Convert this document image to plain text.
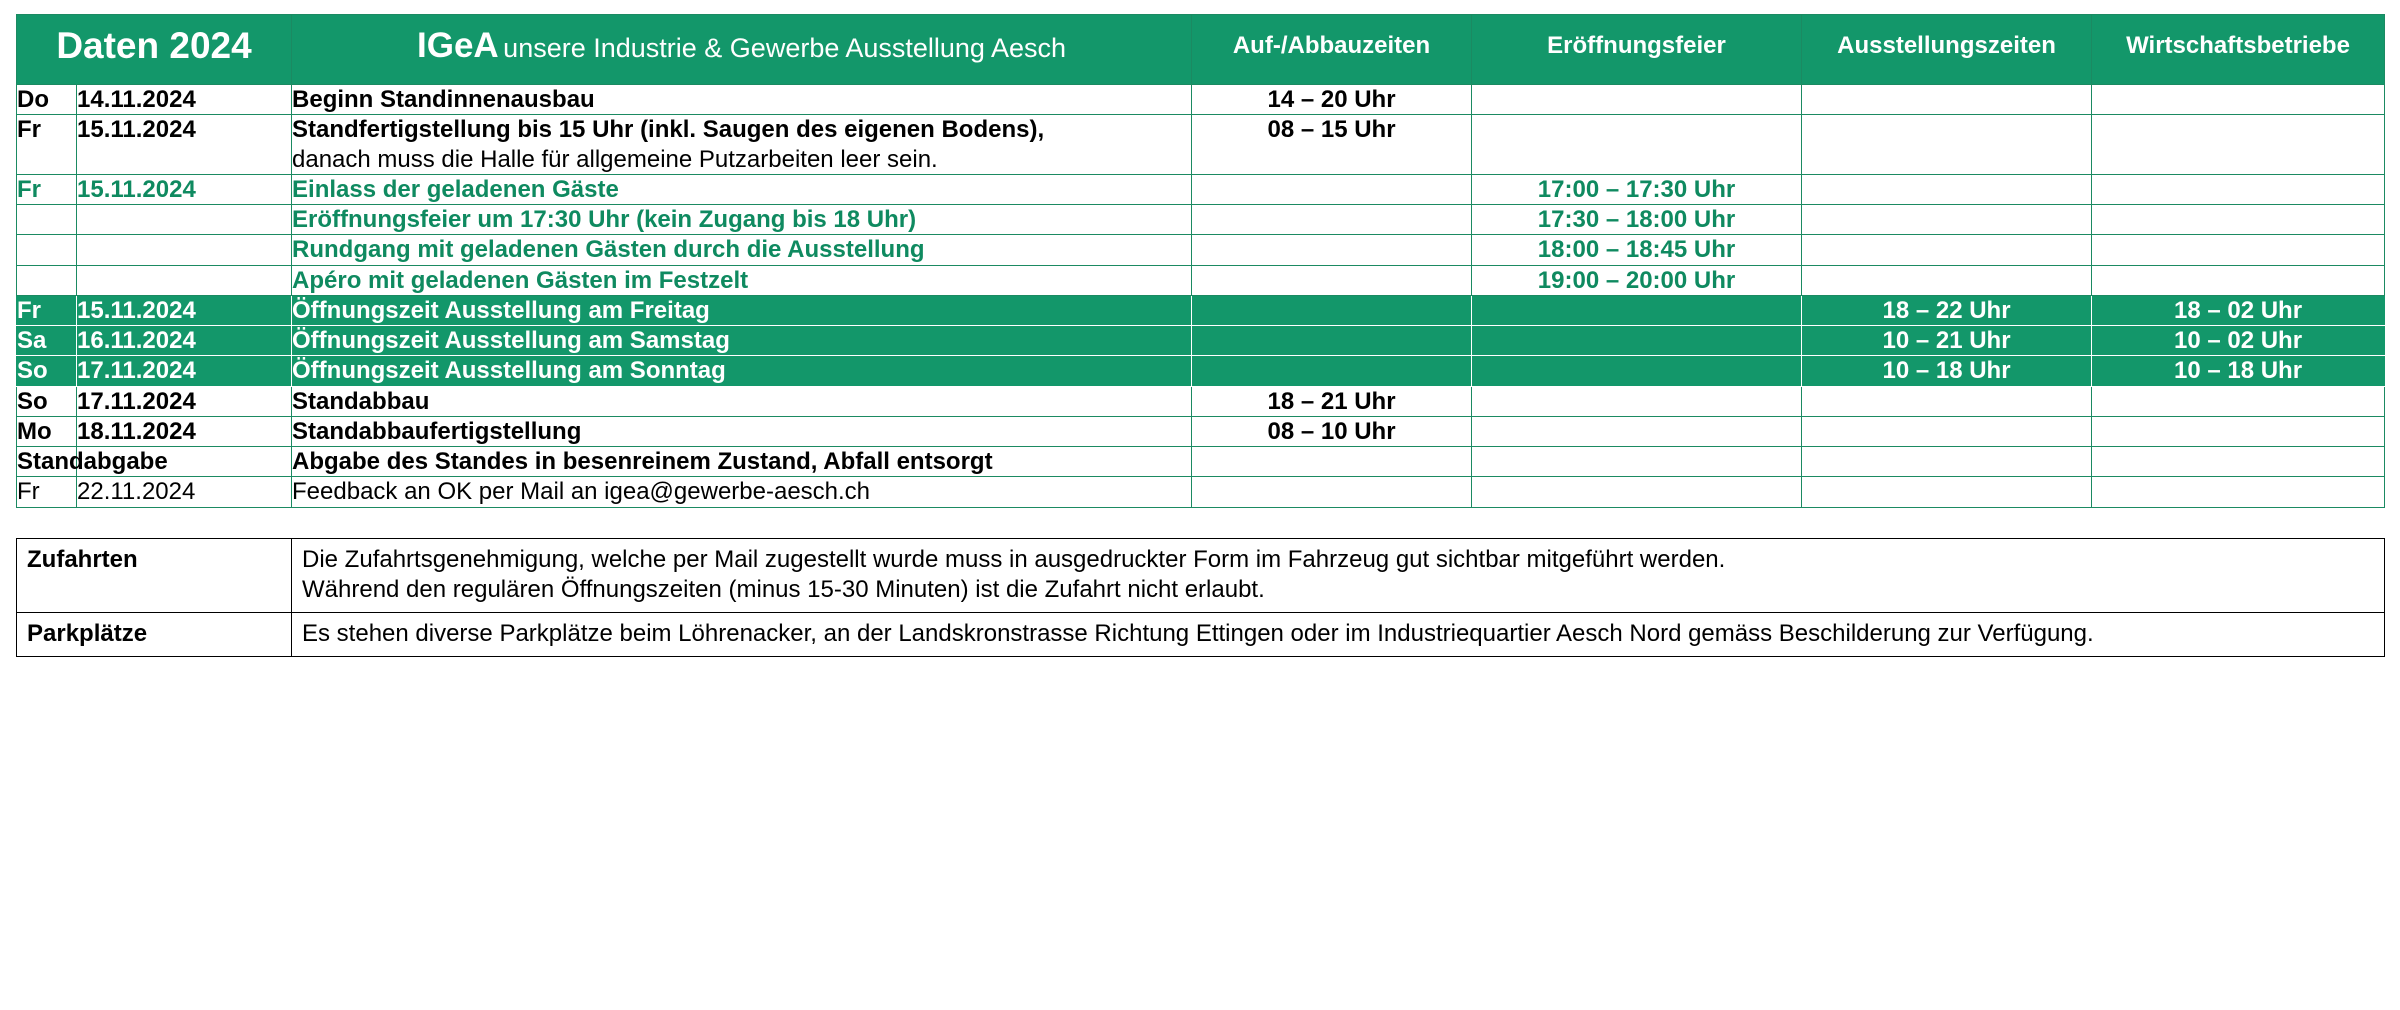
Daten 2024		IGeA unsere Industrie & Gewerbe Ausstellung Aesch	Auf-/Abbauzeiten	Eröffnungsfeier	Ausstellungszeiten	Wirtschaftsbetriebe
Do	14.11.2024	Beginn Standinnenausbau	14 – 20 Uhr			
Fr	15.11.2024	Standfertigstellung bis 15 Uhr (inkl. Saugen des eigenen Bodens),
danach muss die Halle für allgemeine Putzarbeiten leer sein.	08 – 15 Uhr			
Fr	15.11.2024	Einlass der geladenen Gäste		17:00 – 17:30 Uhr		
		Eröffnungsfeier um 17:30 Uhr (kein Zugang bis 18 Uhr)		17:30 – 18:00 Uhr		
		Rundgang mit geladenen Gästen durch die Ausstellung		18:00 – 18:45 Uhr		
		Apéro mit geladenen Gästen im Festzelt		19:00 – 20:00 Uhr		
Fr	15.11.2024	Öffnungszeit Ausstellung am Freitag			18 – 22 Uhr	18 – 02 Uhr
Sa	16.11.2024	Öffnungszeit Ausstellung am Samstag			10 – 21 Uhr	10 – 02 Uhr
So	17.11.2024	Öffnungszeit Ausstellung am Sonntag			10 – 18 Uhr	10 – 18 Uhr
So	17.11.2024	Standabbau	18 – 21 Uhr			
Mo	18.11.2024	Standabbaufertigstellung	08 – 10 Uhr			
Standabgabe		Abgabe des Standes in besenreinem Zustand, Abfall entsorgt				
Fr	22.11.2024	Feedback an OK per Mail an igea@gewerbe-aesch.ch				
Zufahrten	Die Zufahrtsgenehmigung, welche per Mail zugestellt wurde muss in ausgedruckter Form im Fahrzeug gut sichtbar mitgeführt werden.
Während den regulären Öffnungszeiten (minus 15-30 Minuten) ist die Zufahrt nicht erlaubt.

Parkplätze	Es stehen diverse Parkplätze beim Löhrenacker, an der Landskronstrasse Richtung Ettingen oder im Industriequartier Aesch Nord gemäss Beschilderung zur Verfügung.
